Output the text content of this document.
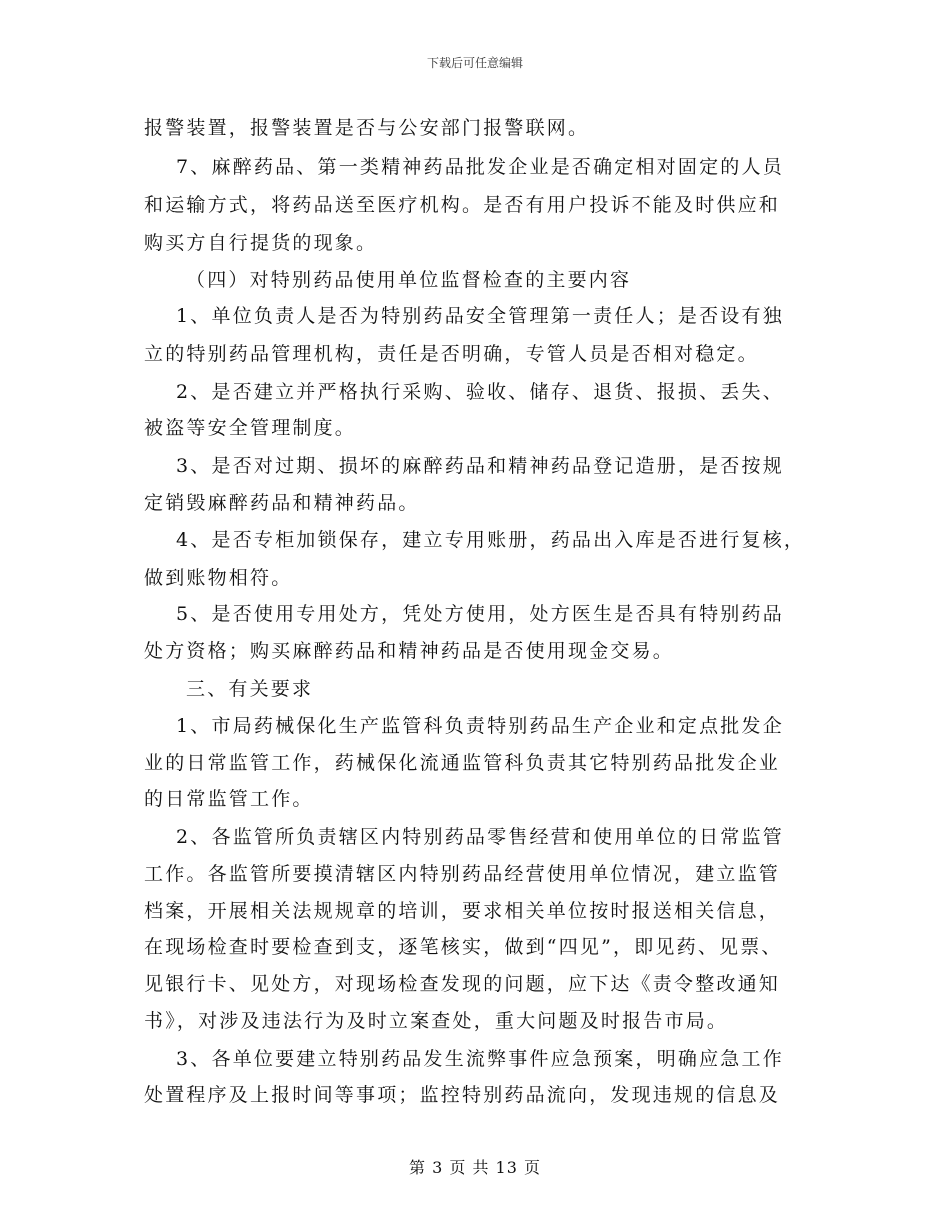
下载后可任意编辑
报警装置，报警装置是否与公安部门报警联网。
7、麻醉药品、第一类精神药品批发企业是否确定相对固定的人员
和运输方式，将药品送至医疗机构。是否有用户投诉不能及时供应和
购买方自行提货的现象。
（四）对特别药品使用单位监督检查的主要内容
1、单位负责人是否为特别药品安全管理第一责任人；是否设有独
立的特别药品管理机构，责任是否明确，专管人员是否相对稳定。
2、是否建立并严格执行采购、验收、储存、退货、报损、丢失、
被盗等安全管理制度。
3、是否对过期、损坏的麻醉药品和精神药品登记造册，是否按规
定销毁麻醉药品和精神药品。
4、是否专柜加锁保存，建立专用账册，药品出入库是否进行复核，
做到账物相符。
5、是否使用专用处方，凭处方使用，处方医生是否具有特别药品
处方资格；购买麻醉药品和精神药品是否使用现金交易。
三、有关要求
1、市局药械保化生产监管科负责特别药品生产企业和定点批发企
业的日常监管工作，药械保化流通监管科负责其它特别药品批发企业
的日常监管工作。
2、各监管所负责辖区内特别药品零售经营和使用单位的日常监管
工作。各监管所要摸清辖区内特别药品经营使用单位情况，建立监管
档案，开展相关法规规章的培训，要求相关单位按时报送相关信息，
在现场检查时要检查到支，逐笔核实，做到“四见”，即见药、见票、
见银行卡、见处方，对现场检查发现的问题，应下达《责令整改通知
书》，对涉及违法行为及时立案查处，重大问题及时报告市局。
3、各单位要建立特别药品发生流弊事件应急预案，明确应急工作
处置程序及上报时间等事项；监控特别药品流向，发现违规的信息及
第 3 页 共 13 页
